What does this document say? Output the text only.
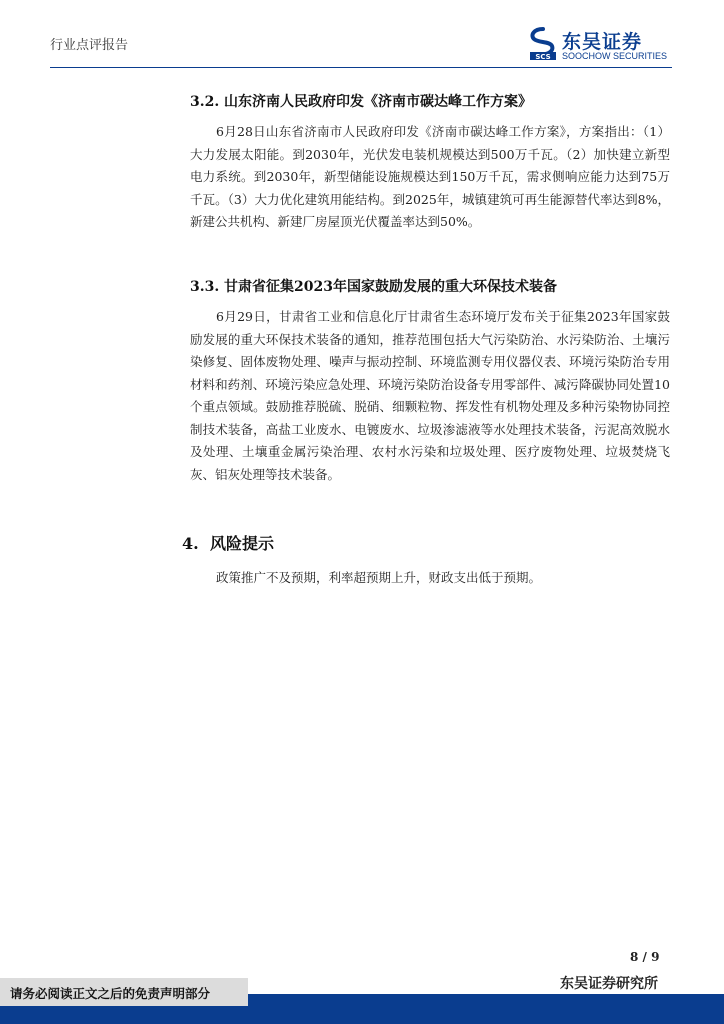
行业点评报告
SCS
东吴证券
SOOCHOW SECURITIES
3.2. 山东济南人民政府印发《济南市碳达峰工作方案》
6月28日山东省济南市人民政府印发《济南市碳达峰工作方案》，方案指出：（1）大力发展太阳能。到2030年，光伏发电装机规模达到500万千瓦。（2）加快建立新型电力系统。到2030年，新型储能设施规模达到150万千瓦，需求侧响应能力达到75万千瓦。（3）大力优化建筑用能结构。到2025年，城镇建筑可再生能源替代率达到8%，新建公共机构、新建厂房屋顶光伏覆盖率达到50%。
3.3. 甘肃省征集2023年国家鼓励发展的重大环保技术装备
6月29日，甘肃省工业和信息化厅甘肃省生态环境厅发布关于征集2023年国家鼓励发展的重大环保技术装备的通知，推荐范围包括大气污染防治、水污染防治、土壤污染修复、固体废物处理、噪声与振动控制、环境监测专用仪器仪表、环境污染防治专用材料和药剂、环境污染应急处理、环境污染防治设备专用零部件、减污降碳协同处置10个重点领域。鼓励推荐脱硫、脱硝、细颗粒物、挥发性有机物处理及多种污染物协同控制技术装备，高盐工业废水、电镀废水、垃圾渗滤液等水处理技术装备，污泥高效脱水及处理、土壤重金属污染治理、农村水污染和垃圾处理、医疗废物处理、垃圾焚烧飞灰、铝灰处理等技术装备。
4. 风险提示
政策推广不及预期，利率超预期上升，财政支出低于预期。
8 / 9
东吴证券研究所
请务必阅读正文之后的免责声明部分
